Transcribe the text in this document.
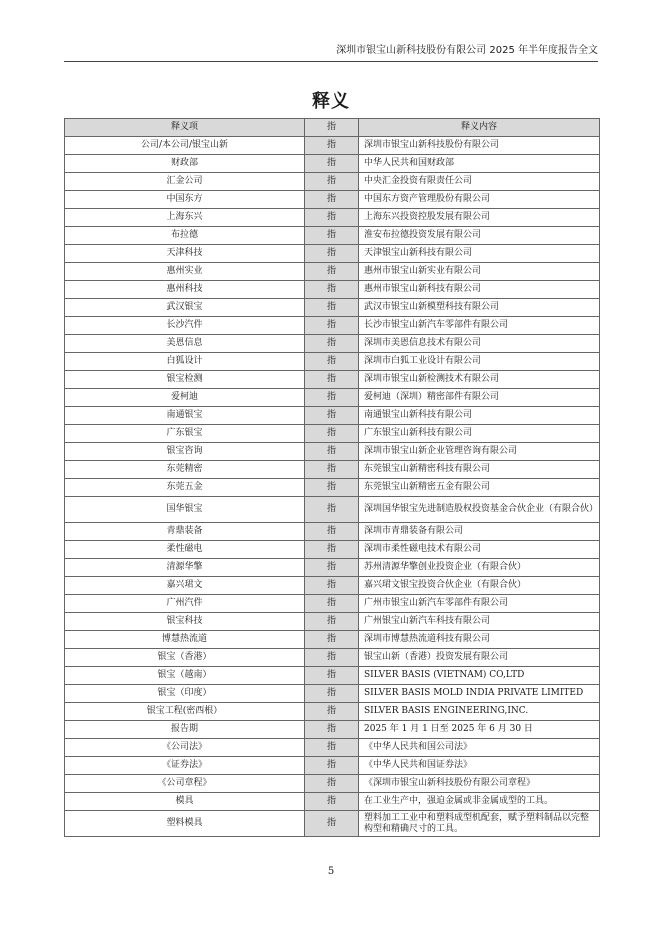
深圳市银宝山新科技股份有限公司 2025 年半年度报告全文
释义
释义项	指	释义内容
公司/本公司/银宝山新	指	深圳市银宝山新科技股份有限公司
财政部	指	中华人民共和国财政部
汇金公司	指	中央汇金投资有限责任公司
中国东方	指	中国东方资产管理股份有限公司
上海东兴	指	上海东兴投资控股发展有限公司
布拉德	指	淮安布拉德投资发展有限公司
天津科技	指	天津银宝山新科技有限公司
惠州实业	指	惠州市银宝山新实业有限公司
惠州科技	指	惠州市银宝山新科技有限公司
武汉银宝	指	武汉市银宝山新模塑科技有限公司
长沙汽件	指	长沙市银宝山新汽车零部件有限公司
美恩信息	指	深圳市美恩信息技术有限公司
白狐设计	指	深圳市白狐工业设计有限公司
银宝检测	指	深圳市银宝山新检测技术有限公司
爱柯迪	指	爱柯迪（深圳）精密部件有限公司
南通银宝	指	南通银宝山新科技有限公司
广东银宝	指	广东银宝山新科技有限公司
银宝咨询	指	深圳市银宝山新企业管理咨询有限公司
东莞精密	指	东莞银宝山新精密科技有限公司
东莞五金	指	东莞银宝山新精密五金有限公司
国华银宝	指	深圳国华银宝先进制造股权投资基金合伙企业（有限合伙）
青鼎装备	指	深圳市青鼎装备有限公司
柔性磁电	指	深圳市柔性磁电技术有限公司
清源华擎	指	苏州清源华擎创业投资企业（有限合伙）
嘉兴珺文	指	嘉兴珺文银宝投资合伙企业（有限合伙）
广州汽件	指	广州市银宝山新汽车零部件有限公司
银宝科技	指	广州银宝山新汽车科技有限公司
博慧热流道	指	深圳市博慧热流道科技有限公司
银宝（香港）	指	银宝山新（香港）投资发展有限公司
银宝（越南）	指	SILVER BASIS (VIETNAM) CO,LTD
银宝（印度）	指	SILVER BASIS MOLD INDIA PRIVATE LIMITED
银宝工程(密西根）	指	SILVER BASIS ENGINEERING,INC.
报告期	指	2025 年 1 月 1 日至 2025 年 6 月 30 日
《公司法》	指	《中华人民共和国公司法》
《证券法》	指	《中华人民共和国证券法》
《公司章程》	指	《深圳市银宝山新科技股份有限公司章程》
模具	指	在工业生产中，强迫金属或非金属成型的工具。
塑料模具	指	塑料加工工业中和塑料成型机配套，赋予塑料制品以完整构型和精确尺寸的工具。
5
